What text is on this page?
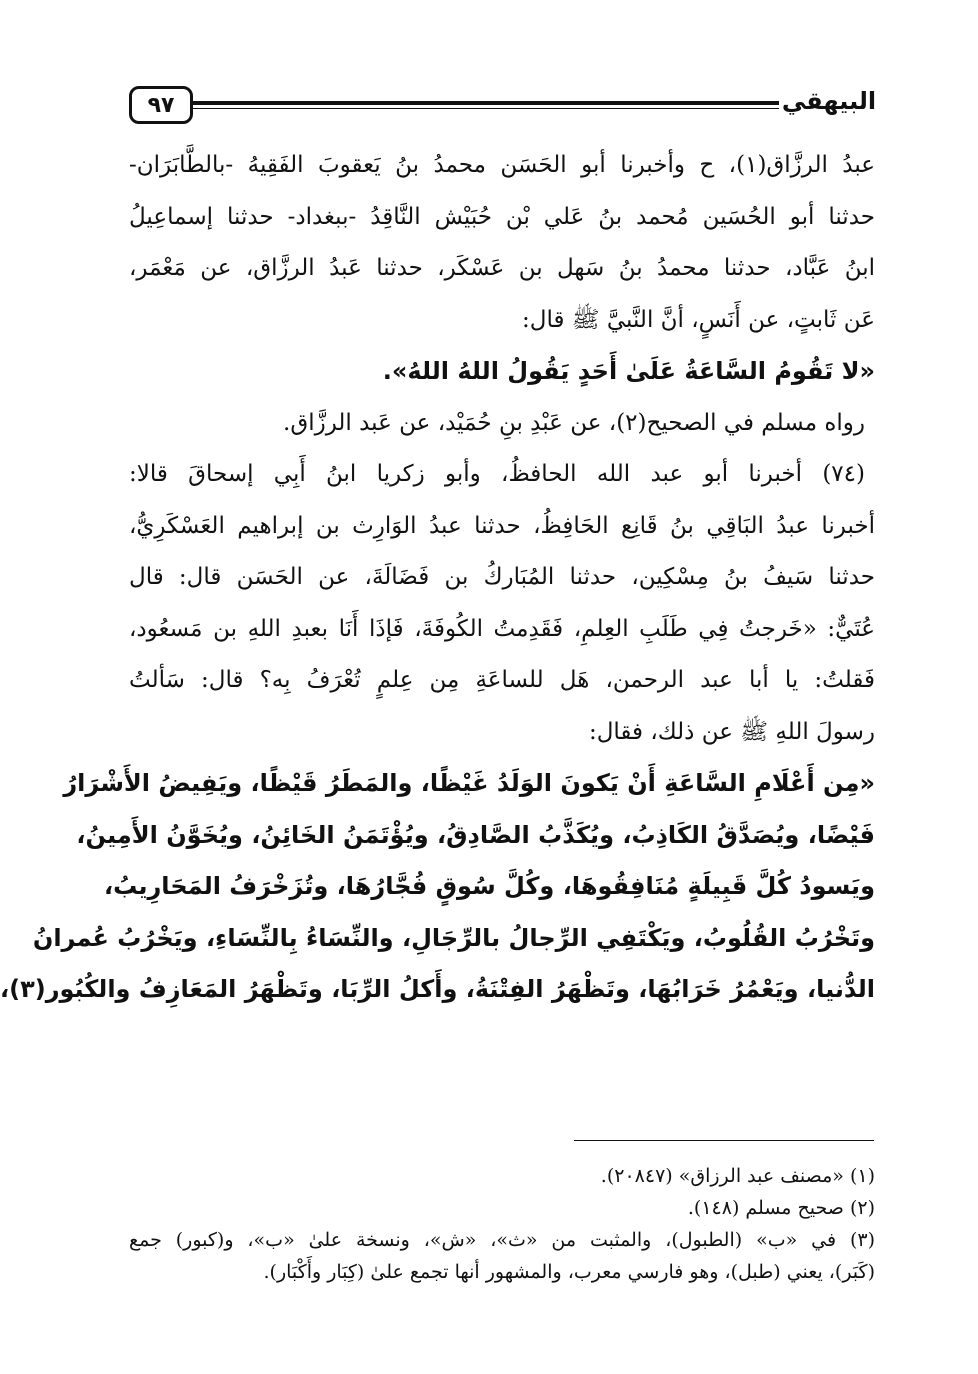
٩٧	البيهقي
عبدُ الرزَّاق(١)، ح وأخبرنا أبو الحَسَن محمدُ بنُ يَعقوبَ الفَقِيهُ -بالطَّابَرَان-
حدثنا أبو الحُسَين مُحمد بنُ عَلي بْن حُبَيْش النَّاقِدُ -ببغداد- حدثنا إسماعِيلُ
ابنُ عَبَّاد، حدثنا محمدُ بنُ سَهل بن عَسْكَر، حدثنا عَبدُ الرزَّاق، عن مَعْمَر،
عَن ثَابتٍ، عن أَنَسٍ، أنَّ النَّبيَّ ﷺ قال:
«لا تَقُومُ السَّاعَةُ عَلَىٰ أَحَدٍ يَقُولُ اللهُ اللهُ».
رواه مسلم في الصحيح(٢)، عن عَبْدِ بنِ حُمَيْد، عن عَبد الرزَّاق.
(٧٤) أخبرنا أبو عبد الله الحافظُ، وأبو زكريا ابنُ أَبِي إسحاقَ قالا:
أخبرنا عبدُ البَاقِي بنُ قَانِع الحَافِظُ، حدثنا عبدُ الوَارِث بن إبراهيم العَسْكَرِيُّ،
حدثنا سَيفُ بنُ مِسْكِين، حدثنا المُبَاركُ بن فَضَالَةَ، عن الحَسَن قال: قال
عُتَيٌّ: «خَرجتُ فِي طَلَبِ العِلمِ، فَقَدِمتُ الكُوفَةَ، فَإذَا أَنَا بعبدِ اللهِ بن مَسعُود،
فَقلتُ: يا أبا عبد الرحمن، هَل للساعَةِ مِن عِلمٍ تُعْرَفُ بِه؟ قال: سَألتُ
رسولَ اللهِ ﷺ عن ذلك، فقال:
«مِن أَعْلَامِ السَّاعَةِ أَنْ يَكونَ الوَلَدُ غَيْظًا، والمَطَرُ قَيْظًا، ويَفِيضُ الأَشْرَارُ
فَيْضًا، ويُصَدَّقُ الكَاذِبُ، ويُكَذَّبُ الصَّادِقُ، ويُؤْتَمَنُ الخَائِنُ، ويُخَوَّنُ الأَمِينُ،
ويَسودُ كُلَّ قَبِيلَةٍ مُنَافِقُوهَا، وكُلَّ سُوقٍ فُجَّارُهَا، وتُزَخْرَفُ المَحَارِيبُ،
وتَخْرُبُ القُلُوبُ، ويَكْتَفِي الرِّجالُ بالرِّجَالِ، والنِّسَاءُ بِالنِّسَاءِ، ويَخْرُبُ عُمرانُ
الدُّنيا، ويَعْمُرُ خَرَابُهَا، وتَظْهَرُ الفِتْنَةُ، وأَكلُ الرِّبَا، وتَظْهَرُ المَعَازِفُ والكُبُور(٣)،
(١) «مصنف عبد الرزاق» (٢٠٨٤٧).
(٢) صحيح مسلم (١٤٨).
(٣) في «ب» (الطبول)، والمثبت من «ث»، «ش»، ونسخة علىٰ «ب»، و(كبور) جمع
(كَبَر)، يعني (طبل)، وهو فارسي معرب، والمشهور أنها تجمع علىٰ (كِبَار وأَكْبَار).
